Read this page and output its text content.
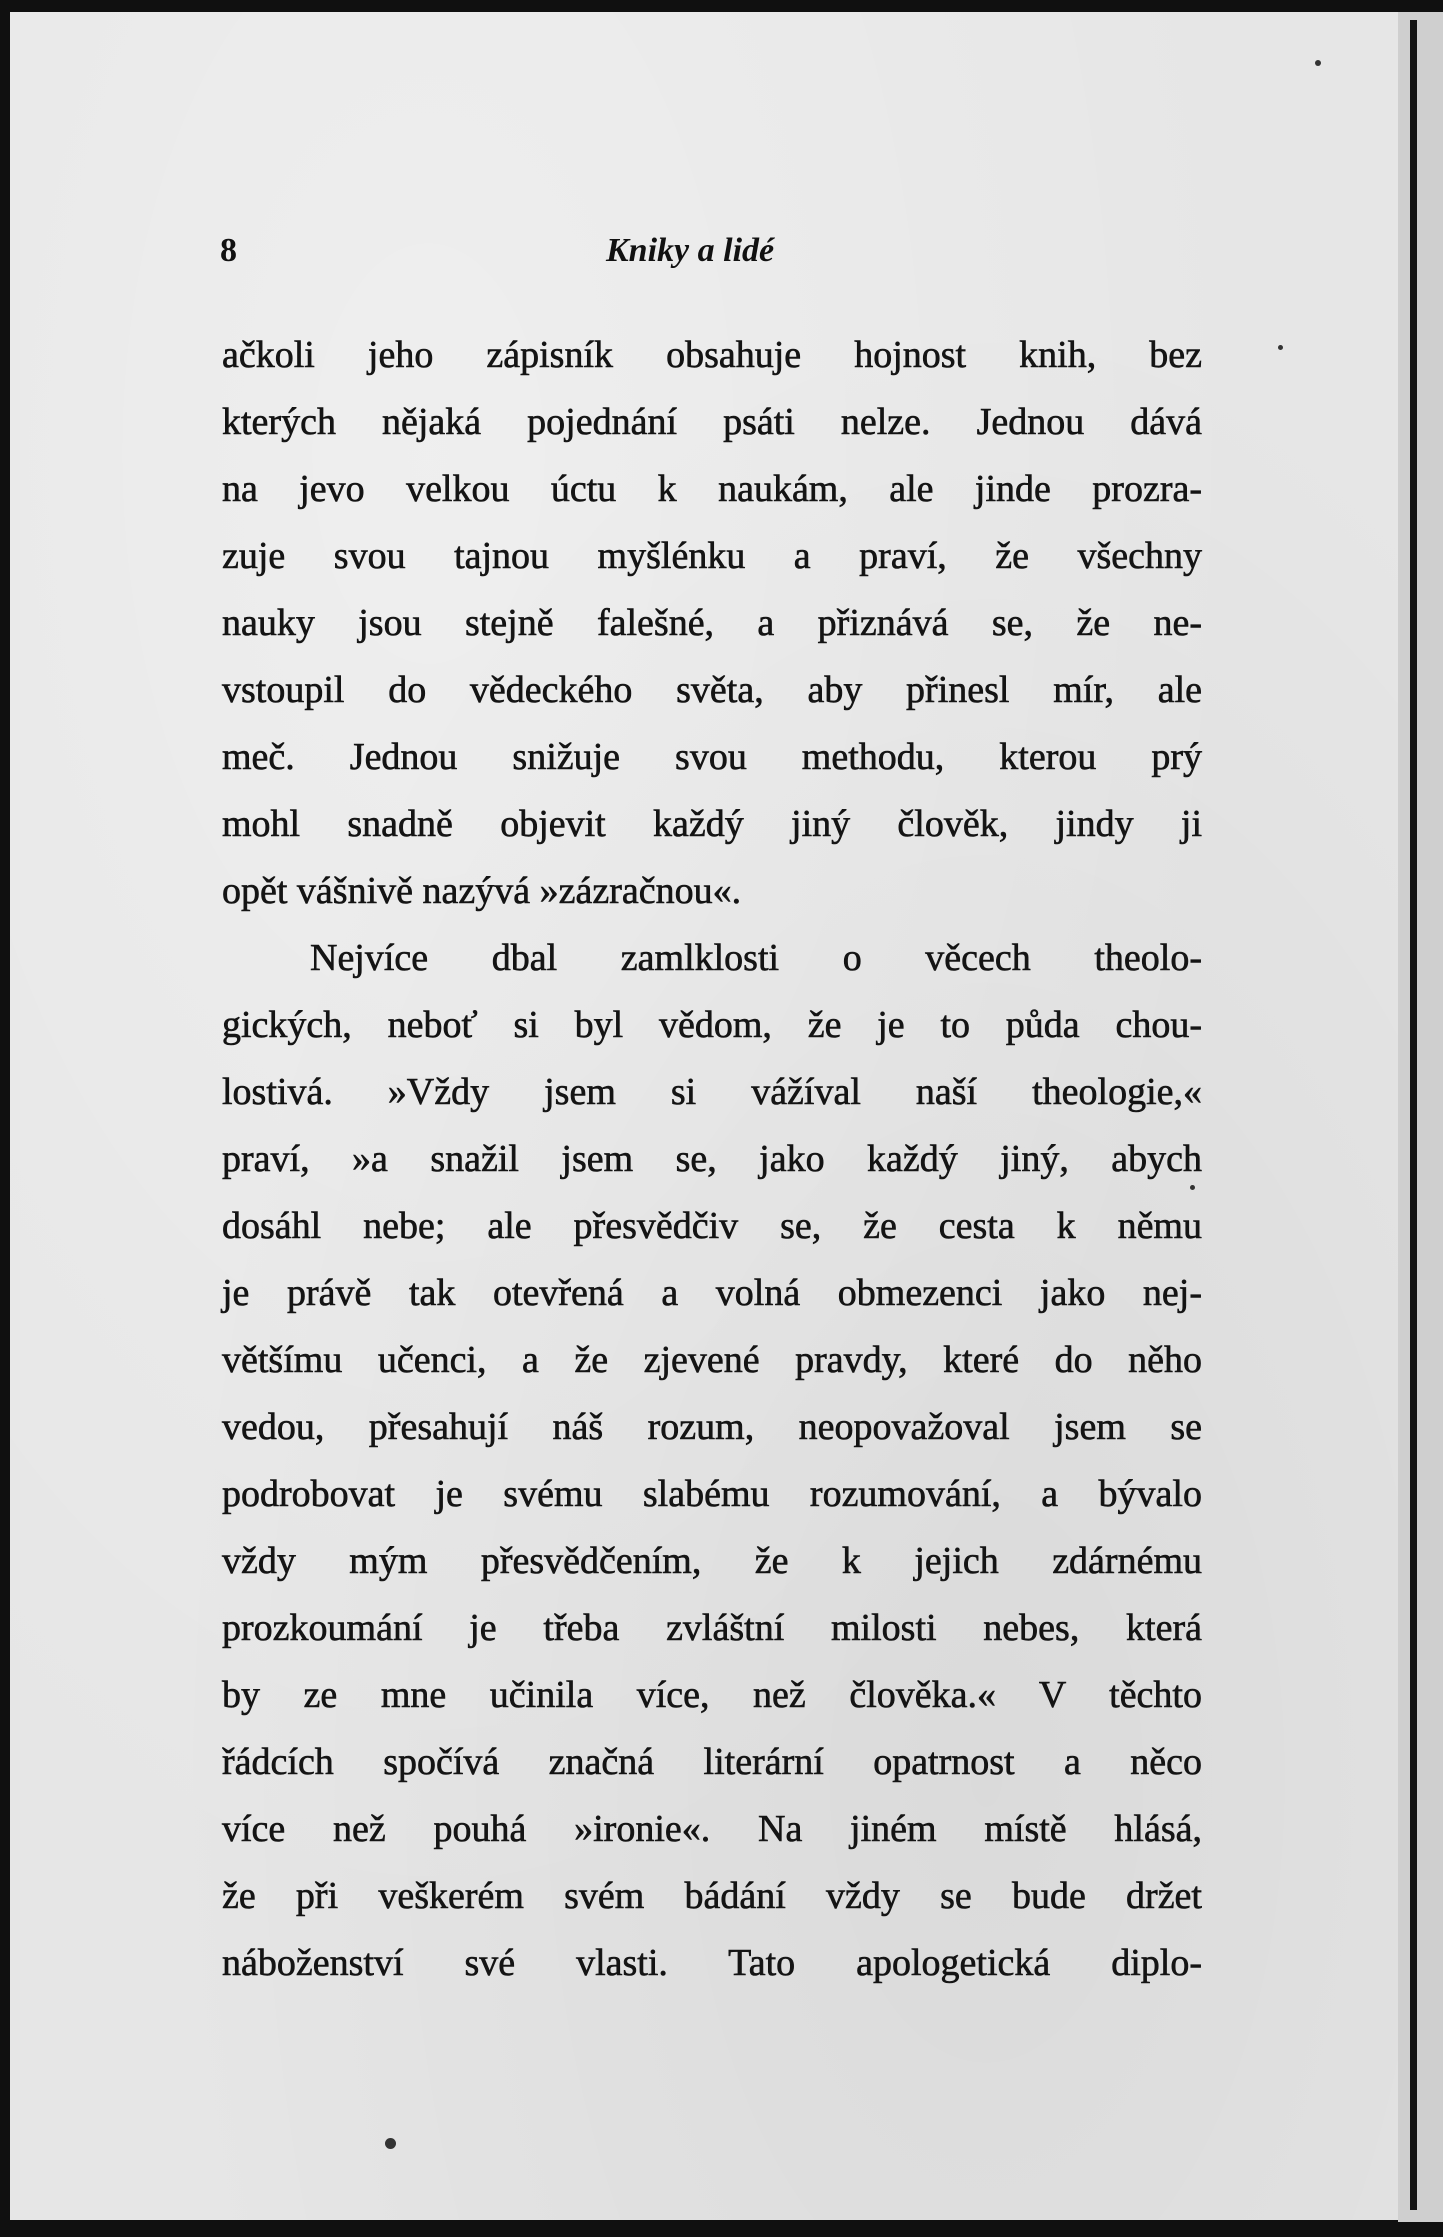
8	Kniky a lidé
ačkoli jeho zápisník obsahuje hojnost knih, bez
kterých nějaká pojednání psáti nelze. Jednou dává
na jevo velkou úctu k naukám, ale jinde prozra-
zuje svou tajnou myšlénku a praví, že všechny
nauky jsou stejně falešné, a přiznává se, že ne-
vstoupil do vědeckého světa, aby přinesl mír, ale
meč. Jednou snižuje svou methodu, kterou prý
mohl snadně objevit každý jiný člověk, jindy ji
opět vášnivě nazývá »zázračnou«.
Nejvíce dbal zamlklosti o věcech theolo-
gických, neboť si byl vědom, že je to půda chou-
lostivá. »Vždy jsem si vážíval naší theologie,«
praví, »a snažil jsem se, jako každý jiný, abych
dosáhl nebe; ale přesvědčiv se, že cesta k němu
je právě tak otevřená a volná obmezenci jako nej-
většímu učenci, a že zjevené pravdy, které do něho
vedou, přesahují náš rozum, neopovažoval jsem se
podrobovat je svému slabému rozumování, a bývalo
vždy mým přesvědčením, že k jejich zdárnému
prozkoumání je třeba zvláštní milosti nebes, která
by ze mne učinila více, než člověka.« V těchto
řádcích spočívá značná literární opatrnost a něco
více než pouhá »ironie«. Na jiném místě hlásá,
že při veškerém svém bádání vždy se bude držet
náboženství své vlasti. Tato apologetická diplo-
